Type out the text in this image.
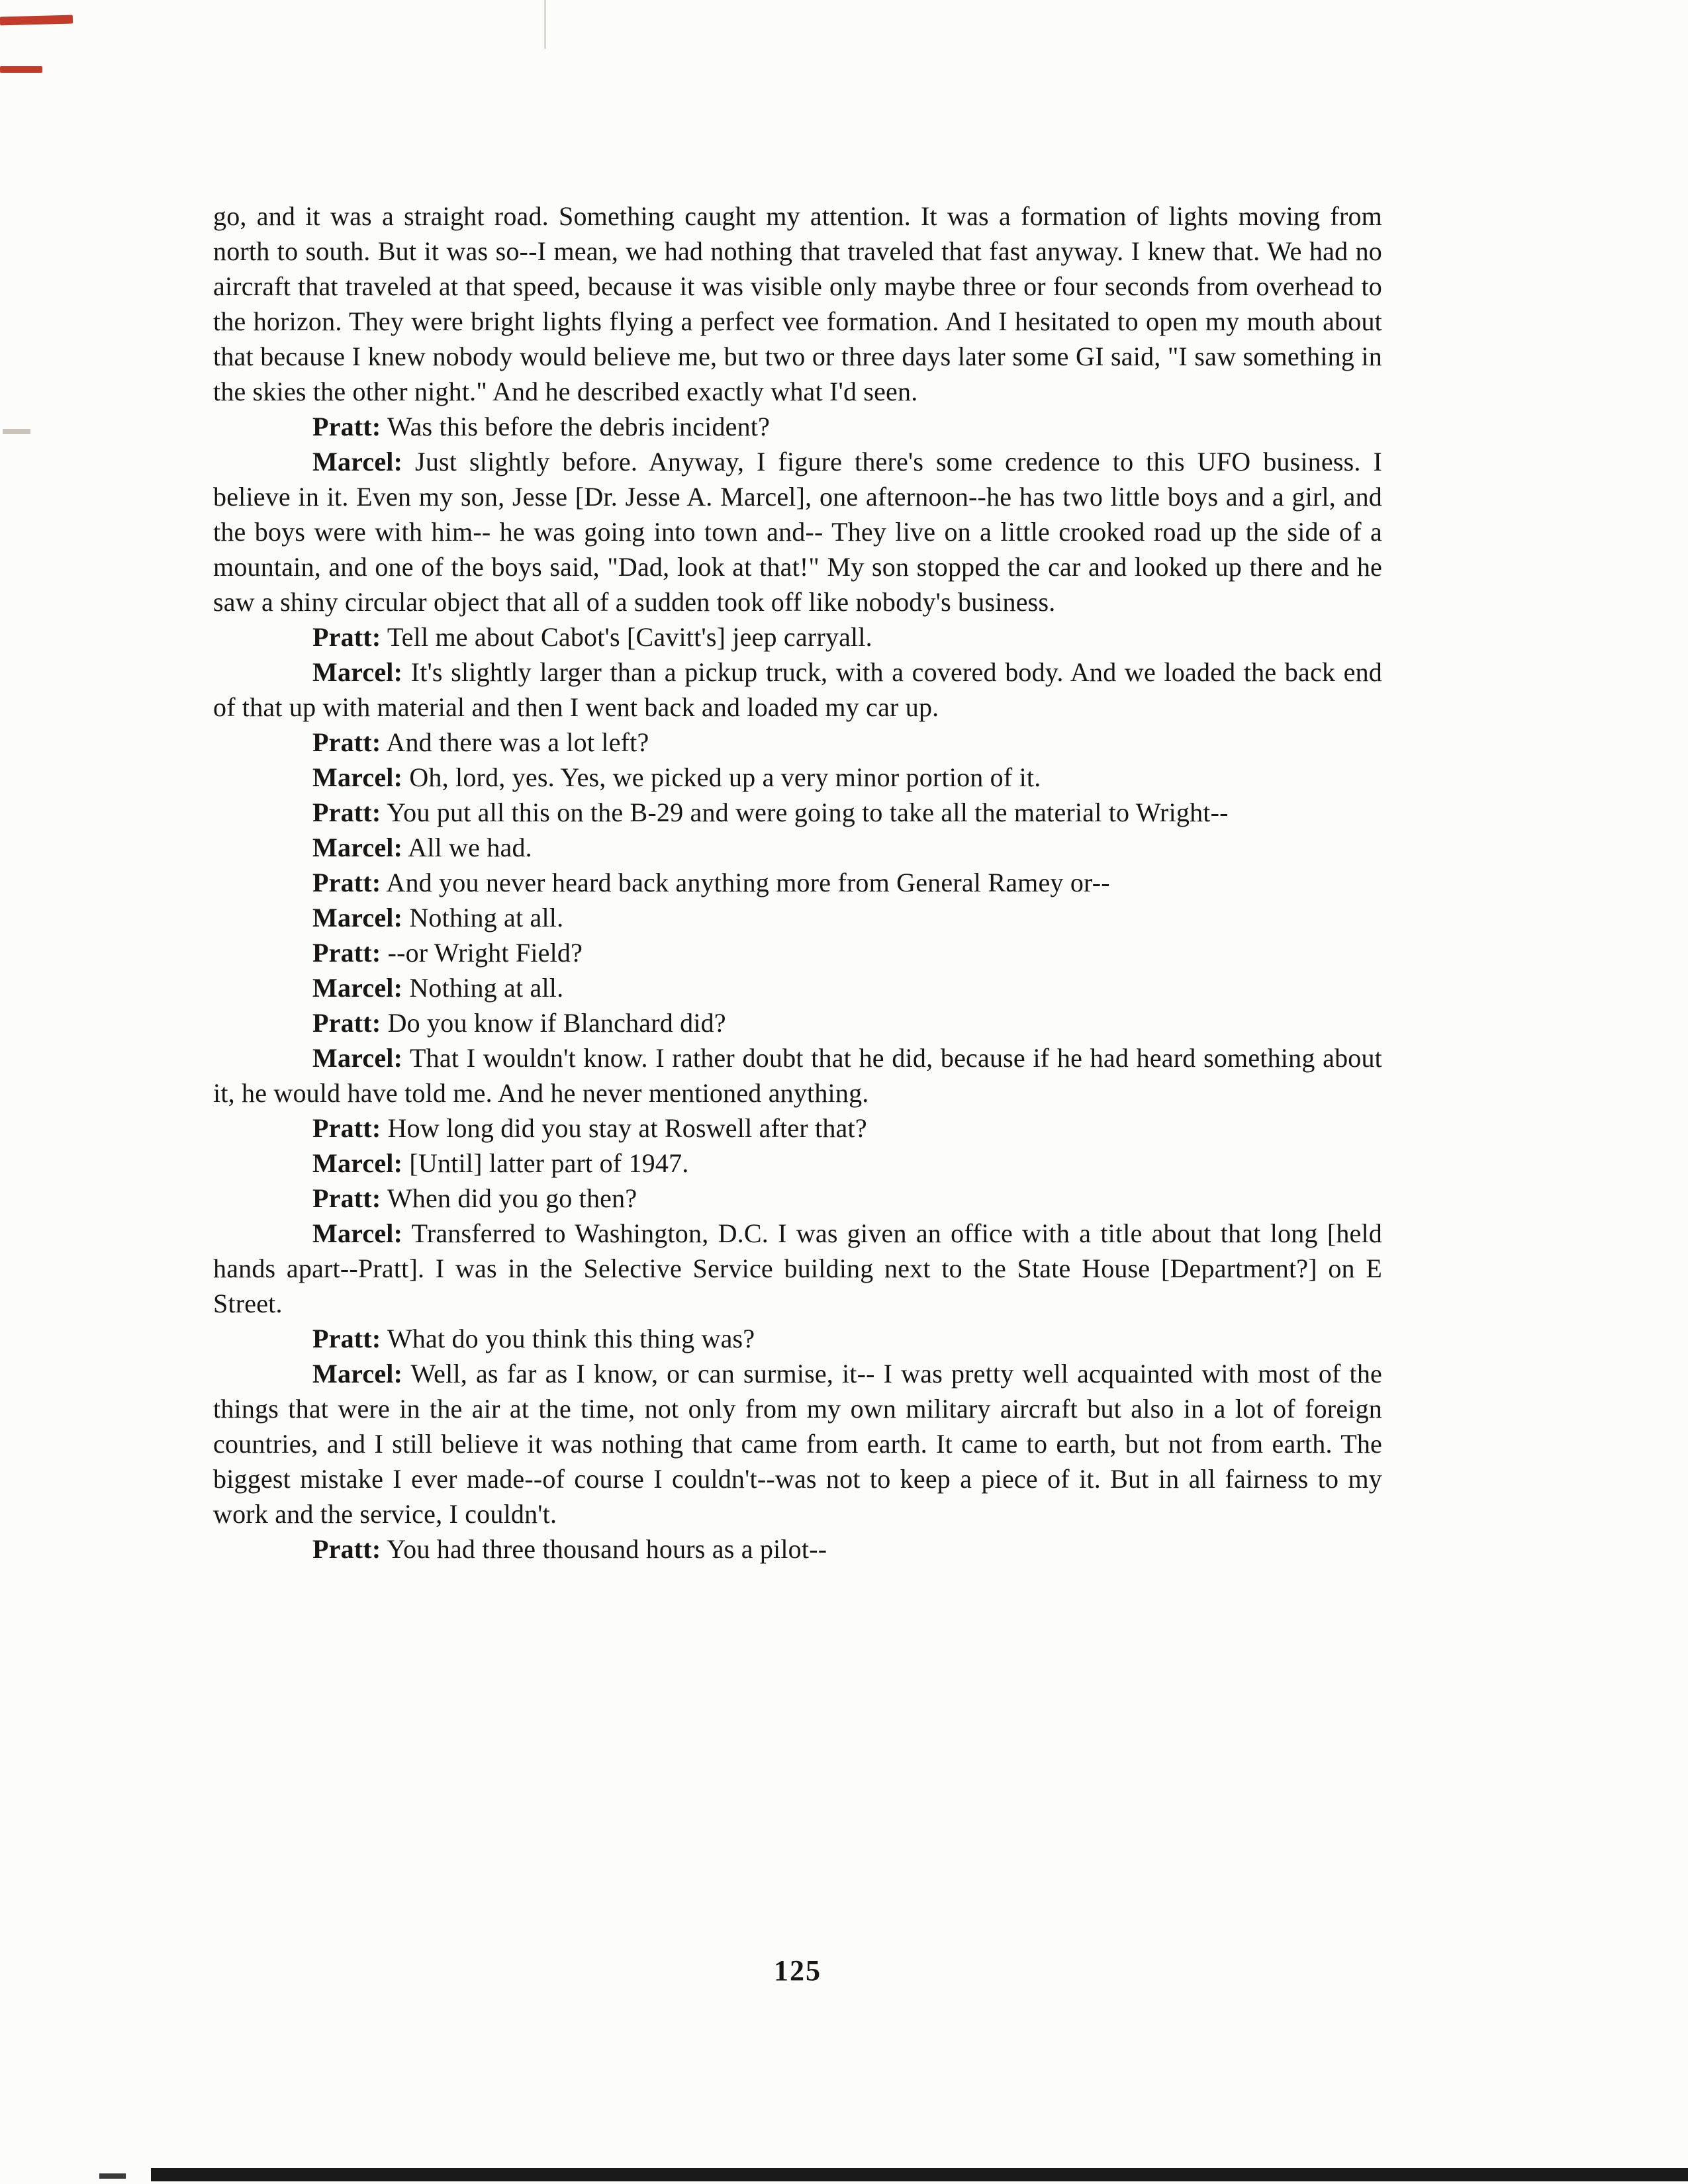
go, and it was a straight road. Something caught my attention. It was a formation of lights moving from north to south. But it was so--I mean, we had nothing that traveled that fast anyway. I knew that. We had no aircraft that traveled at that speed, because it was visible only maybe three or four seconds from overhead to the horizon. They were bright lights flying a perfect vee formation. And I hesitated to open my mouth about that because I knew nobody would believe me, but two or three days later some GI said, "I saw something in the skies the other night." And he described exactly what I'd seen.

Pratt: Was this before the debris incident?

Marcel: Just slightly before. Anyway, I figure there's some credence to this UFO business. I believe in it. Even my son, Jesse [Dr. Jesse A. Marcel], one afternoon--he has two little boys and a girl, and the boys were with him-- he was going into town and-- They live on a little crooked road up the side of a mountain, and one of the boys said, "Dad, look at that!" My son stopped the car and looked up there and he saw a shiny circular object that all of a sudden took off like nobody's business.

Pratt: Tell me about Cabot's [Cavitt's] jeep carryall.

Marcel: It's slightly larger than a pickup truck, with a covered body. And we loaded the back end of that up with material and then I went back and loaded my car up.

Pratt: And there was a lot left?

Marcel: Oh, lord, yes. Yes, we picked up a very minor portion of it.

Pratt: You put all this on the B-29 and were going to take all the material to Wright--

Marcel: All we had.

Pratt: And you never heard back anything more from General Ramey or--

Marcel: Nothing at all.

Pratt: --or Wright Field?

Marcel: Nothing at all.

Pratt: Do you know if Blanchard did?

Marcel: That I wouldn't know. I rather doubt that he did, because if he had heard something about it, he would have told me. And he never mentioned anything.

Pratt: How long did you stay at Roswell after that?

Marcel: [Until] latter part of 1947.

Pratt: When did you go then?

Marcel: Transferred to Washington, D.C. I was given an office with a title about that long [held hands apart--Pratt]. I was in the Selective Service building next to the State House [Department?] on E Street.

Pratt: What do you think this thing was?

Marcel: Well, as far as I know, or can surmise, it-- I was pretty well acquainted with most of the things that were in the air at the time, not only from my own military aircraft but also in a lot of foreign countries, and I still believe it was nothing that came from earth. It came to earth, but not from earth. The biggest mistake I ever made--of course I couldn't--was not to keep a piece of it. But in all fairness to my work and the service, I couldn't.

Pratt: You had three thousand hours as a pilot--

125
